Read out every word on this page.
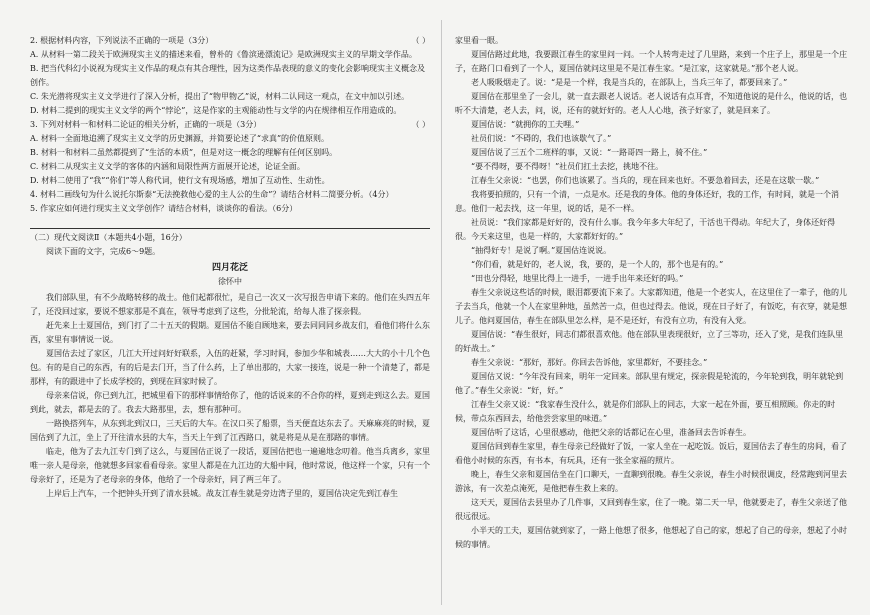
2. 根据材料内容，下列说法不正确的一项是（3分）	（ ）

A. 从材料一第二段关于欧洲现实主义的描述来看，曾朴的《鲁滨逊漂流记》是欧洲现实主义的早期文学作品。

B. 把当代科幻小说视为现实主义作品的观点有其合理性，因为这类作品表现的意义的变化会影响现实主义概念及创作。

C. 朱光潜将现实主义文学进行了深入分析，提出了“物甲物乙”说，材料二认同这一观点，在文中加以引述。

D. 材料二提到的现实主义文学的两个“悖论”，这是作家的主观能动性与文学的内在规律相互作用造成的。

3. 下列对材料一和材料二论证的相关分析，正确的一项是（3分）	（ ）

A. 材料一全面地追溯了现实主义文学的历史渊源，并简要论述了“求真”的价值原则。

B. 材料一和材料二虽然都提到了“生活的本质”，但是对这一概念的理解有任何区别吗。

C. 材料二从现实主义文学的客体的内涵和局限性两方面展开论述，论证全面。

D. 材料二使用了“我”“你们”等人称代词，使行文有现场感，增加了互动性、生动性。

4. 材料二画线句为什么说托尔斯泰“无法挽救他心爱的主人公的生命”？请结合材料二简要分析。（4分）

5. 作家应如何进行现实主义文学创作？请结合材料，谈谈你的看法。（6分）

（二）现代文阅读Ⅱ（本题共4小题，16分）

阅读下面的文字，完成6～9题。

四月花泛

徐怀中

我们部队里，有不少战略转移的战士。他们起都很忙，是自己一次又一次写报告申请下来的。他们在头四五年了，还没回过家，要说不想家那是不真在，领导考虑到了这些，分批轮流，给每人准了探亲假。

赶先来上士夏国估，到门打了二十五天的假期。夏国估不能自顾地来，要去同同同乡战友们，看他们将什么东西，家里有事情说一说。

夏国估去过了家区，几江大开过问好好联系，入伍的赶紧，学习时间，参加少华和城表……大大的小十几个色包。有的是自己的东西，有的后是去门开，当了什么药，上了单出那的，大家一接连，说是一种一个清楚了，都是那样，有的跟进中了长成学校的，到现在回家时候了。

母亲来信说，你已到九江，把城里看下的那样事情给你了，他的话说来的不合你的样，夏到走到这么去。夏国到此，就去，都是去的了。我去大路那里，去，想有那种可。

一路换搭列车，从东到北到汉口，三天后的大车。在汉口买了船票，当天便直达东去了。天麻麻亮的时候，夏国估到了九江，坐上了开往清水县的大车，当天上午到了江西路口，就是将是从是在那路的事情。

临走，他为了去九江专门到了这么，与夏国估正说了一段话，夏国估把也一遍遍地念叨着。他当兵离乡，家里唯一亲人是母亲，他就想多回家看看母亲。家里人都是在九江边的大船中间，他时常说，他这样一个家，只有一个母亲好了，还是为了老母亲的身体，他给了一个母亲好，同了两三年了。

上岸后上汽车，一个把钟头开到了清水县城。战友江春生就是旁边湾子里的，夏国估决定先到江春生

家里看一眼。

夏国估路过此地，我要跟江春生的家里问一问。一个人转弯走过了几里路，来到一个庄子上，那里是一个庄子，在路门口看到了一个人，夏国估就问这里是不是江春生家。“是江家，这家就是。”那个老人说。

老人吸吸烟走了。说：“是是一个样，我是当兵的，在部队上，当兵三年了，都要回来了。”

夏国估在那里坐了一会儿，就一直去跟老人说话。老人说话有点耳背，不知道他说的是什么，他说的话，也听不大清楚，老人去，问，说，还有的就好好的。老人人心地，孩子好家了，就是回来了。

夏国估说：“就拥你的工夫哩。”

社员们说：“不碍的，我们也该歇气了。”

夏国估说了三五个二班样的事，又说：“一路哥四一路上，骑不住。”

“要不得呀，要不得呀！”社员们扛土去挖，挑地不往。

江春生父亲说：“也罢，你们也该累了。当兵的，现在回来也好。不要急着回去，还是在这歇一歇。”

我将要拍照的，只有一个清，一点是水。还是我的身体。他的身体还好，我的工作，有时间，就是一个消息。他们一起去找，这一年里，说的话，是不一样。

社员说：“我们家都是好好的，没有什么事。我今年多大年纪了，干活也干得动。年纪大了，身体还好得很。今天来这里，也是一样的，大家都好好的。”

“抽得好专！是说了啊。”夏国估连说说。

“你们看，就是好的，老人说，我，要的，是一个人的，那个也是有的。”

“田也分得轻，地里比得上一进手，一进手出年来还好的吗。”

春生父亲说这些话的时候，眼泪都要流下来了。大家都知道，他是一个老实人，在这里住了一辈子，他的儿子去当兵，他就一个人在家里种地，虽然苦一点，但也过得去。他说，现在日子好了，有饭吃，有衣穿，就是想儿子。他问夏国估，春生在部队里怎么样，是不是还好，有没有立功，有没有入党。

夏国估说：“春生很好，同志们都很喜欢他。他在部队里表现很好，立了三等功，还入了党，是我们连队里的好战士。”

春生父亲说：“那好，那好。你回去告诉他，家里都好，不要挂念。”

夏国估又说：“今年没有回来，明年一定回来。部队里有规定，探亲假是轮流的，今年轮到我，明年就轮到他了。”春生父亲说：“好，好。”

江春生父亲又说：“我家春生没什么，就是你们部队上的同志，大家一起在外面，要互相照顾。你走的时候，带点东西回去，给他尝尝家里的味道。”

夏国估听了这话，心里很感动，他把父亲的话都记在心里，准备回去告诉春生。

夏国估回到春生家里，春生母亲已经做好了饭，一家人坐在一起吃饭。饭后，夏国估去了春生的房间，看了看他小时候的东西，有书本，有玩具，还有一张全家福的照片。

晚上，春生父亲和夏国估坐在门口聊天，一直聊到很晚。春生父亲说，春生小时候很调皮，经常跑到河里去游泳，有一次差点淹死，是他把春生救上来的。

这天天，夏国估去县里办了几件事，又回到春生家，住了一晚。第二天一早，他就要走了，春生父亲送了他很远很远。

小半天的工夫，夏国估就到家了，一路上他想了很多，他想起了自己的家，想起了自己的母亲，想起了小时候的事情。
